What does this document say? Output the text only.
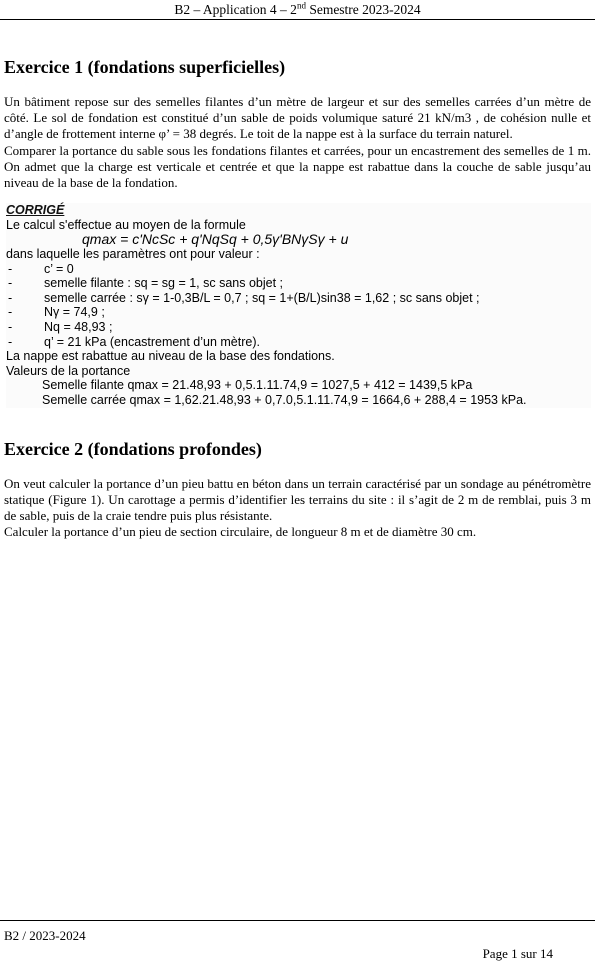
B2 – Application 4 – 2nd Semestre 2023-2024
Exercice 1 (fondations superficielles)

Un bâtiment repose sur des semelles filantes d’un mètre de largeur et sur des semelles carrées d’un mètre de côté. Le sol de fondation est constitué d’un sable de poids volumique saturé 21 kN/m3 , de cohésion nulle et d’angle de frottement interne φ’ = 38 degrés. Le toit de la nappe est à la surface du terrain naturel.

Comparer la portance du sable sous les fondations filantes et carrées, pour un encastrement des semelles de 1 m. On admet que la charge est verticale et centrée et que la nappe est rabattue dans la couche de sable jusqu’au niveau de la base de la fondation.

CORRIGÉ
Le calcul s'effectue au moyen de la formule
qmax = c'NcSc + q'NqSq + 0,5γ'BNγSγ + u
dans laquelle les paramètres ont pour valeur :
- c’ = 0
- semelle filante : sq = sg = 1, sc sans objet ;
- semelle carrée : sγ = 1-0,3B/L = 0,7 ; sq = 1+(B/L)sin38 = 1,62 ; sc sans objet ;
- Nγ = 74,9 ;
- Nq = 48,93 ;
- q’ = 21 kPa (encastrement d’un mètre).
La nappe est rabattue au niveau de la base des fondations.
Valeurs de la portance
Semelle filante qmax = 21.48,93 + 0,5.1.11.74,9 = 1027,5 + 412 = 1439,5 kPa
Semelle carrée qmax = 1,62.21.48,93 + 0,7.0,5.1.11.74,9 = 1664,6 + 288,4 = 1953 kPa.
Exercice 2 (fondations profondes)

On veut calculer la portance d’un pieu battu en béton dans un terrain caractérisé par un sondage au pénétromètre statique (Figure 1). Un carottage a permis d’identifier les terrains du site : il s’agit de 2 m de remblai, puis 3 m de sable, puis de la craie tendre puis plus résistante.

Calculer la portance d’un pieu de section circulaire, de longueur 8 m et de diamètre 30 cm.

B2 / 2023-2024
Page 1 sur 14
